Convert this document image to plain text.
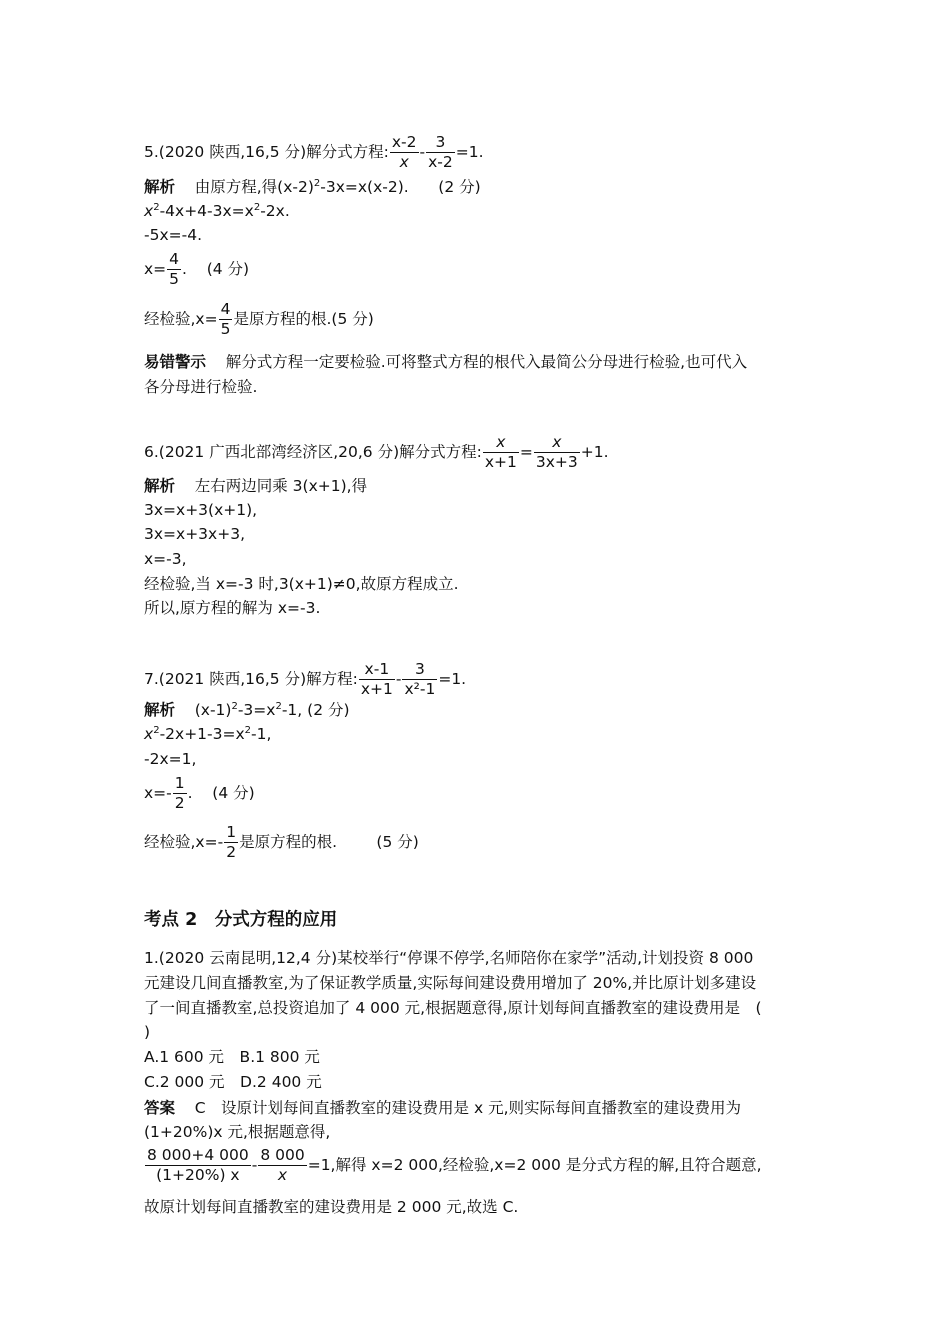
5.(2020 陕西,16,5 分)解分式方程: $\frac{x-2}{x} - \frac{3}{x-2} =1$.
解析 由原方程,得$(x-2)^2-3x=x(x-2)$. (2 分)
$x^2-4x+4-3x=x^2-2x$.
-5x=-4.
$x= \frac{4}{5}$ . (4 分)
经检验$,x= \frac{4}{5}$ 是原方程的根.(5 分)
易错警示 解分式方程一定要检验.可将整式方程的根代入最简公分母进行检验,也可代入
各分母进行检验.
6.(2021 广西北部湾经济区,20,6 分)解分式方程: $\frac{x}{x+1} = \frac{x}{3x+3} +1$.
解析 左右两边同乘 3(x+1),得
3x=x+3(x+1),
3x=x+3x+3,
x=-3,
经检验,当 x=-3 时,3(x+1)≠0,故原方程成立.
所以,原方程的解为 x=-3.
7.(2021 陕西,16,5 分)解方程: $\frac{x-1}{x+1} - \frac{3}{\text{x²-1}} =1$.
解析 $(x-1)^2-3=x^2-1$, (2 分)
$x^2-2x+1-3=x^2-1$,
-2x=1,
$x=- \frac{1}{2}$ . (4 分)
经检验$,x=- \frac{1}{2}$ 是原方程的根.	(5 分)
考点 2　分式方程的应用
1.(2020 云南昆明,12,4 分)某校举行“停课不停学,名师陪你在家学”活动,计划投资 8 000
元建设几间直播教室,为了保证教学质量,实际每间建设费用增加了 20%,并比原计划多建设
了一间直播教室,总投资追加了 4 000 元,根据题意得,原计划每间直播教室的建设费用是　(
)
A.1 600 元　B.1 800 元
C.2 000 元　D.2 400 元
答案 C　设原计划每间直播教室的建设费用是 x 元,则实际每间直播教室的建设费用为
(1+20%)x 元,根据题意得,
$\frac{8 000+4 000}{(1+20\%) x} - \frac{8 000}{x} =1$,解得 x=2 000,经检验,x=2 000 是分式方程的解,且符合题意,
故原计划每间直播教室的建设费用是 2 000 元,故选 C.
